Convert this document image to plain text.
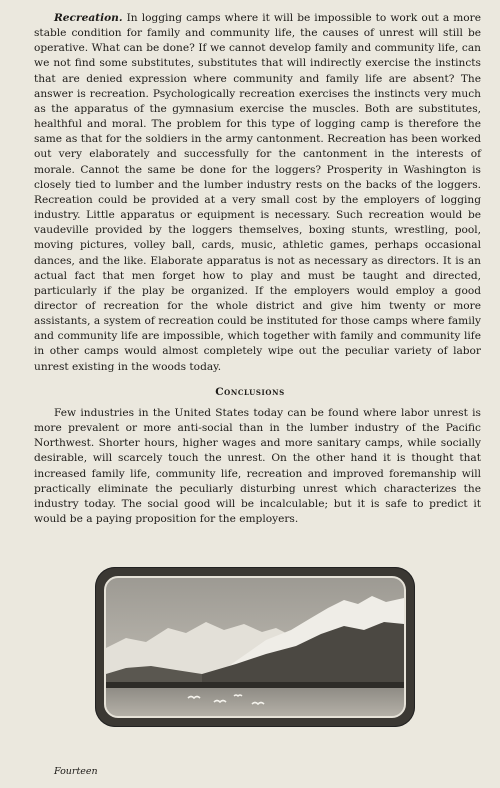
Recreation. In logging camps where it will be impossible to work out a more stable condition for family and community life, the causes of unrest will still be operative. What can be done? If we cannot develop family and community life, can we not find some substitutes, substitutes that will indirectly exercise the instincts that are denied expression where community and family life are absent? The answer is recreation. Psychologically recreation exercises the instincts very much as the apparatus of the gymnasium exercise the muscles. Both are substitutes, healthful and moral. The problem for this type of logging camp is therefore the same as that for the soldiers in the army cantonment. Recreation has been worked out very elaborately and successfully for the cantonment in the interests of morale. Cannot the same be done for the loggers? Prosperity in Washington is closely tied to lumber and the lumber industry rests on the backs of the loggers. Recreation could be provided at a very small cost by the employers of logging industry. Little apparatus or equipment is necessary. Such recreation would be vaudeville provided by the loggers themselves, boxing stunts, wrestling, pool, moving pictures, volley ball, cards, music, athletic games, perhaps occasional dances, and the like. Elaborate apparatus is not as necessary as directors. It is an actual fact that men forget how to play and must be taught and directed, particularly if the play be organized. If the employers would employ a good director of recreation for the whole district and give him twenty or more assistants, a system of recreation could be instituted for those camps where family and community life are impossible, which together with family and community life in other camps would almost completely wipe out the peculiar variety of labor unrest existing in the woods today.

Conclusions

Few industries in the United States today can be found where labor unrest is more prevalent or more anti-social than in the lumber industry of the Pacific Northwest. Shorter hours, higher wages and more sanitary camps, while socially desirable, will scarcely touch the unrest. On the other hand it is thought that increased family life, community life, recreation and improved foremanship will practically eliminate the peculiarly disturbing unrest which characterizes the industry today. The social good will be incalculable; but it is safe to predict it would be a paying proposition for the employers.

Fourteen
